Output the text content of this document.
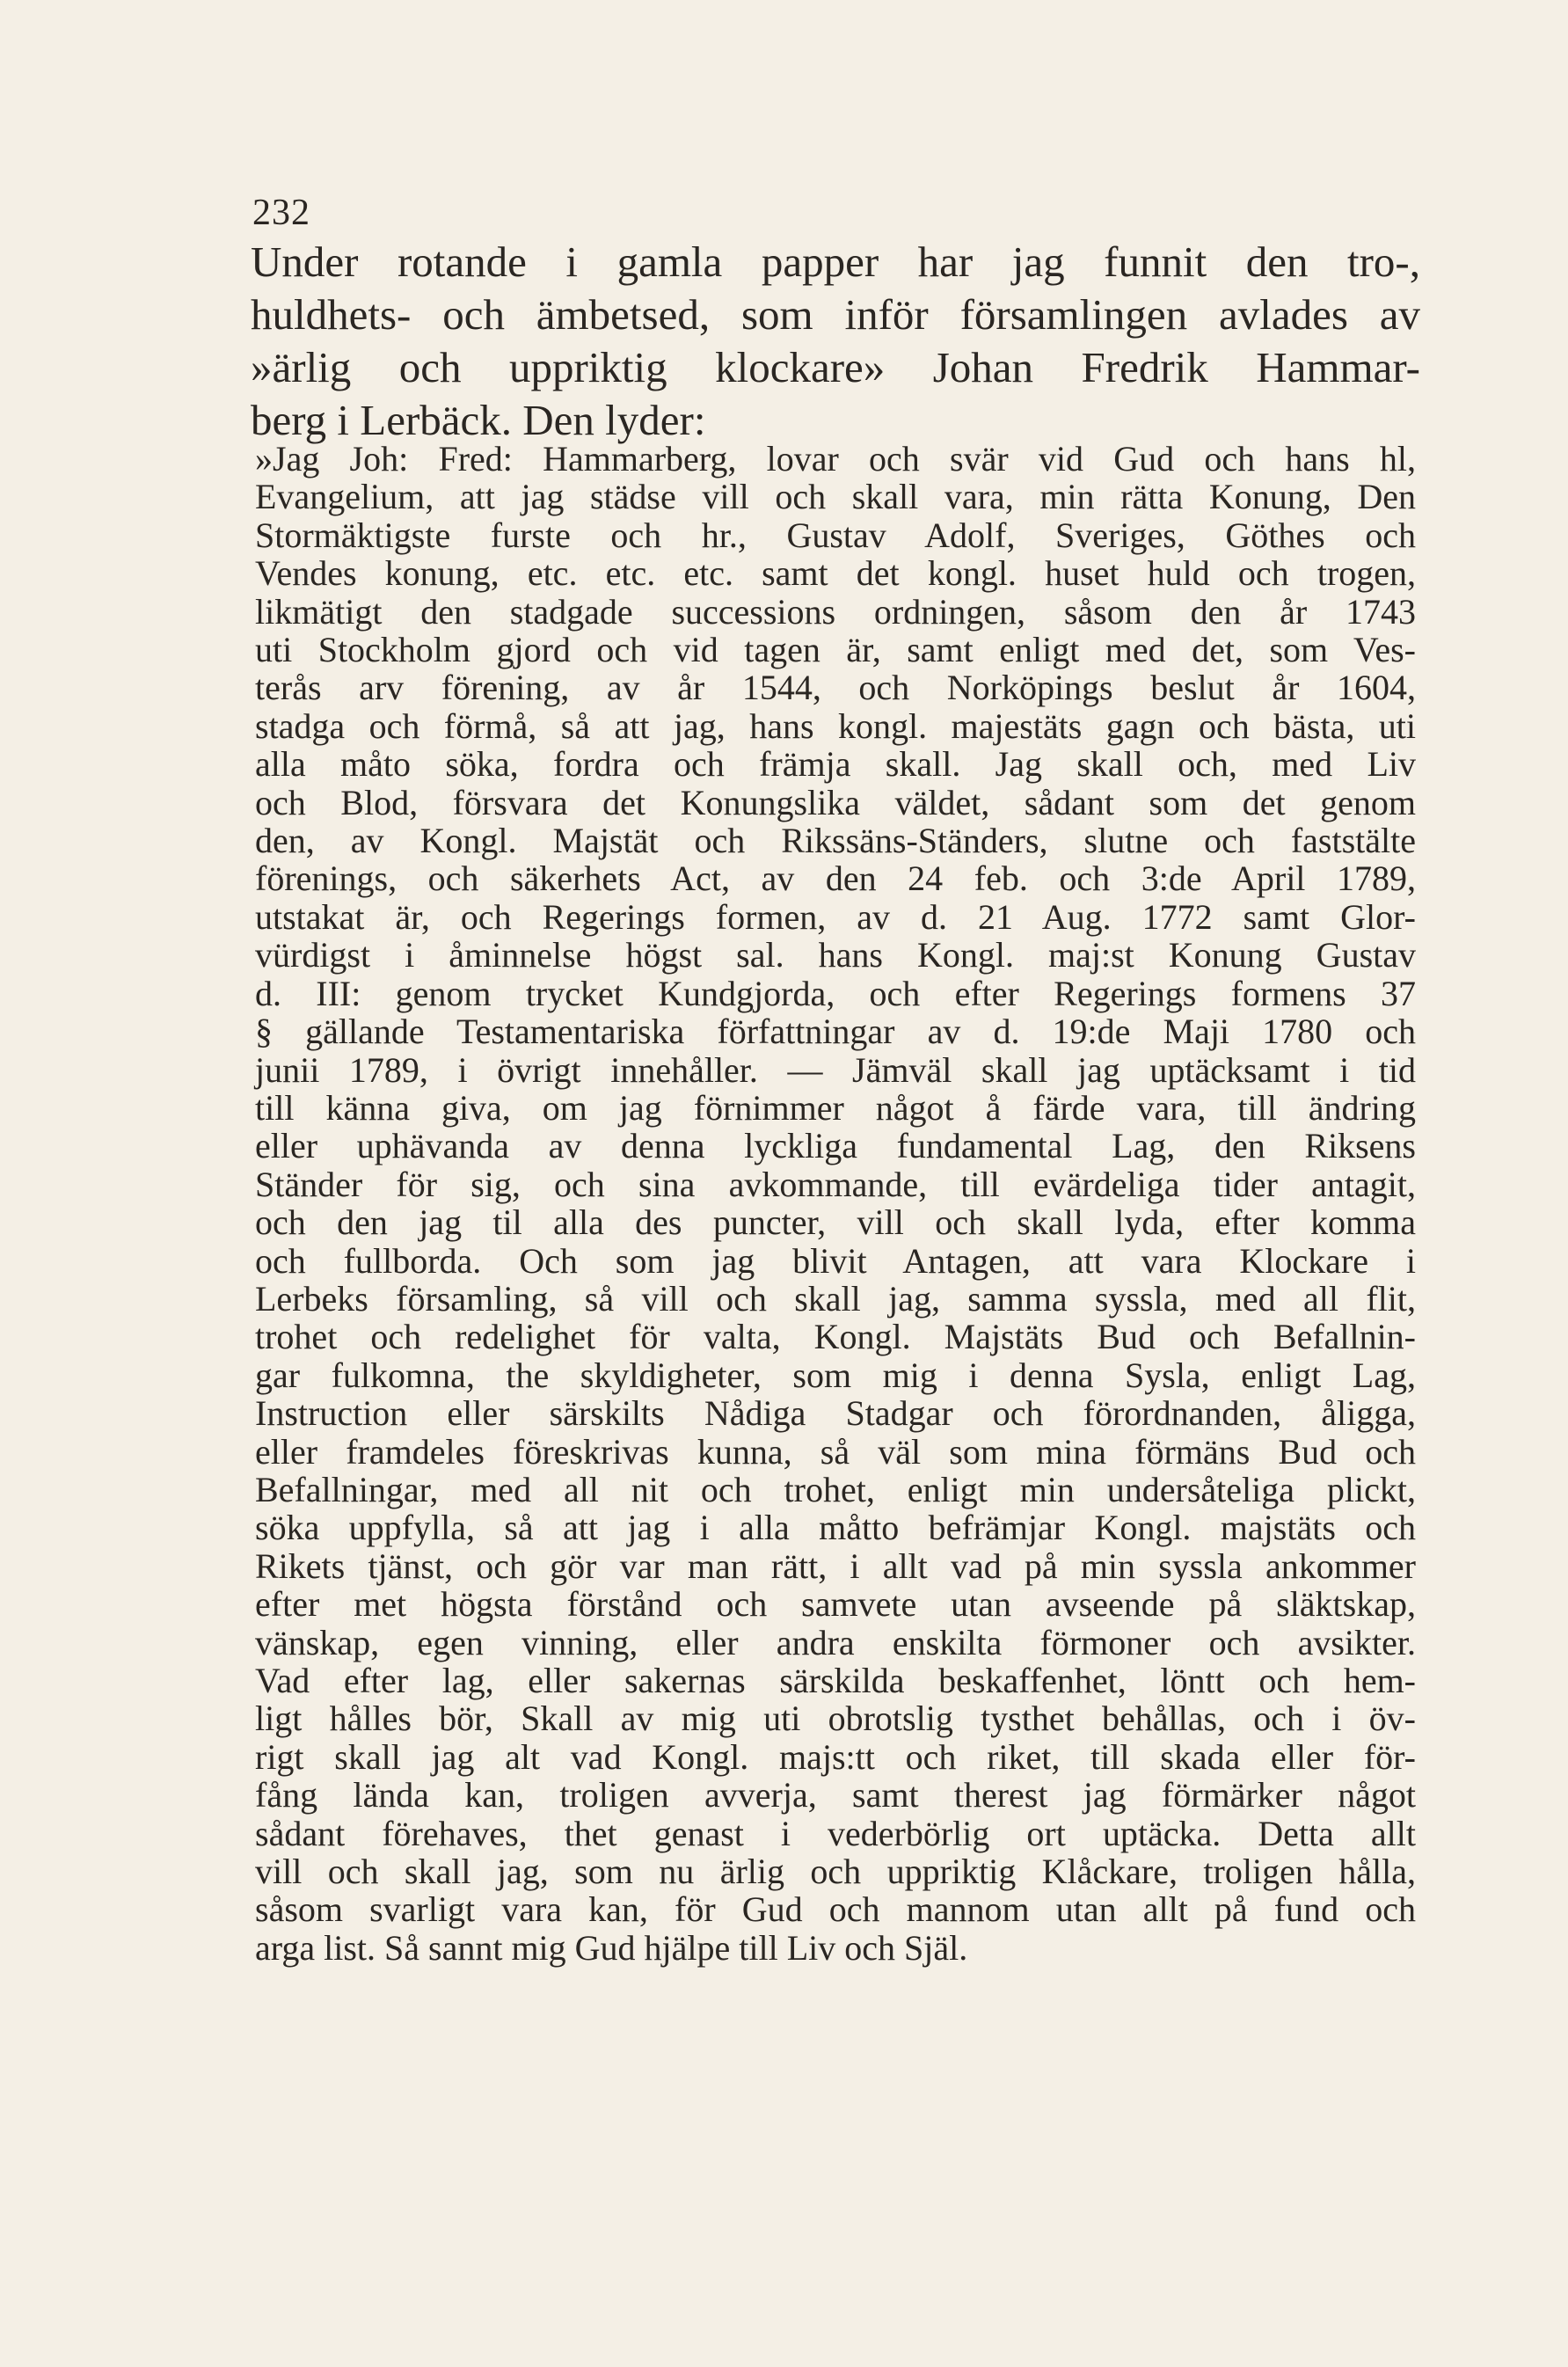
232
Under rotande i gamla papper har jag funnit den tro-,
huldhets- och ämbetsed, som inför församlingen avlades av
»ärlig och uppriktig klockare» Johan Fredrik Hammar-
berg i Lerbäck. Den lyder:
»Jag Joh: Fred: Hammarberg, lovar och svär vid Gud och hans hl,
Evangelium, att jag städse vill och skall vara, min rätta Konung, Den
Stormäktigste furste och hr., Gustav Adolf, Sveriges, Göthes och
Vendes konung, etc. etc. etc. samt det kongl. huset huld och trogen,
likmätigt den stadgade successions ordningen, såsom den år 1743
uti Stockholm gjord och vid tagen är, samt enligt med det, som Ves-
terås arv förening, av år 1544, och Norköpings beslut år 1604,
stadga och förmå, så att jag, hans kongl. majestäts gagn och bästa, uti
alla måto söka, fordra och främja skall. Jag skall och, med Liv
och Blod, försvara det Konungslika väldet, sådant som det genom
den, av Kongl. Majstät och Rikssäns-Ständers, slutne och faststälte
förenings, och säkerhets Act, av den 24 feb. och 3:de April 1789,
utstakat är, och Regerings formen, av d. 21 Aug. 1772 samt Glor-
vürdigst i åminnelse högst sal. hans Kongl. maj:st Konung Gustav
d. III: genom trycket Kundgjorda, och efter Regerings formens 37
§ gällande Testamentariska författningar av d. 19:de Maji 1780 och
junii 1789, i övrigt innehåller. — Jämväl skall jag uptäcksamt i tid
till känna giva, om jag förnimmer något å färde vara, till ändring
eller uphävanda av denna lyckliga fundamental Lag, den Riksens
Ständer för sig, och sina avkommande, till evärdeliga tider antagit,
och den jag til alla des puncter, vill och skall lyda, efter komma
och fullborda. Och som jag blivit Antagen, att vara Klockare i
Lerbeks församling, så vill och skall jag, samma syssla, med all flit,
trohet och redelighet för valta, Kongl. Majstäts Bud och Befallnin-
gar fulkomna, the skyldigheter, som mig i denna Sysla, enligt Lag,
Instruction eller särskilts Nådiga Stadgar och förordnanden, åligga,
eller framdeles föreskrivas kunna, så väl som mina förmäns Bud och
Befallningar, med all nit och trohet, enligt min undersåteliga plickt,
söka uppfylla, så att jag i alla måtto befrämjar Kongl. majstäts och
Rikets tjänst, och gör var man rätt, i allt vad på min syssla ankommer
efter met högsta förstånd och samvete utan avseende på släktskap,
vänskap, egen vinning, eller andra enskilta förmoner och avsikter.
Vad efter lag, eller sakernas särskilda beskaffenhet, löntt och hem-
ligt hålles bör, Skall av mig uti obrotslig tysthet behållas, och i öv-
rigt skall jag alt vad Kongl. majs:tt och riket, till skada eller för-
fång lända kan, troligen avverja, samt therest jag förmärker något
sådant förehaves, thet genast i vederbörlig ort uptäcka. Detta allt
vill och skall jag, som nu ärlig och uppriktig Klåckare, troligen hålla,
såsom svarligt vara kan, för Gud och mannom utan allt på fund och
arga list. Så sannt mig Gud hjälpe till Liv och Själ.
